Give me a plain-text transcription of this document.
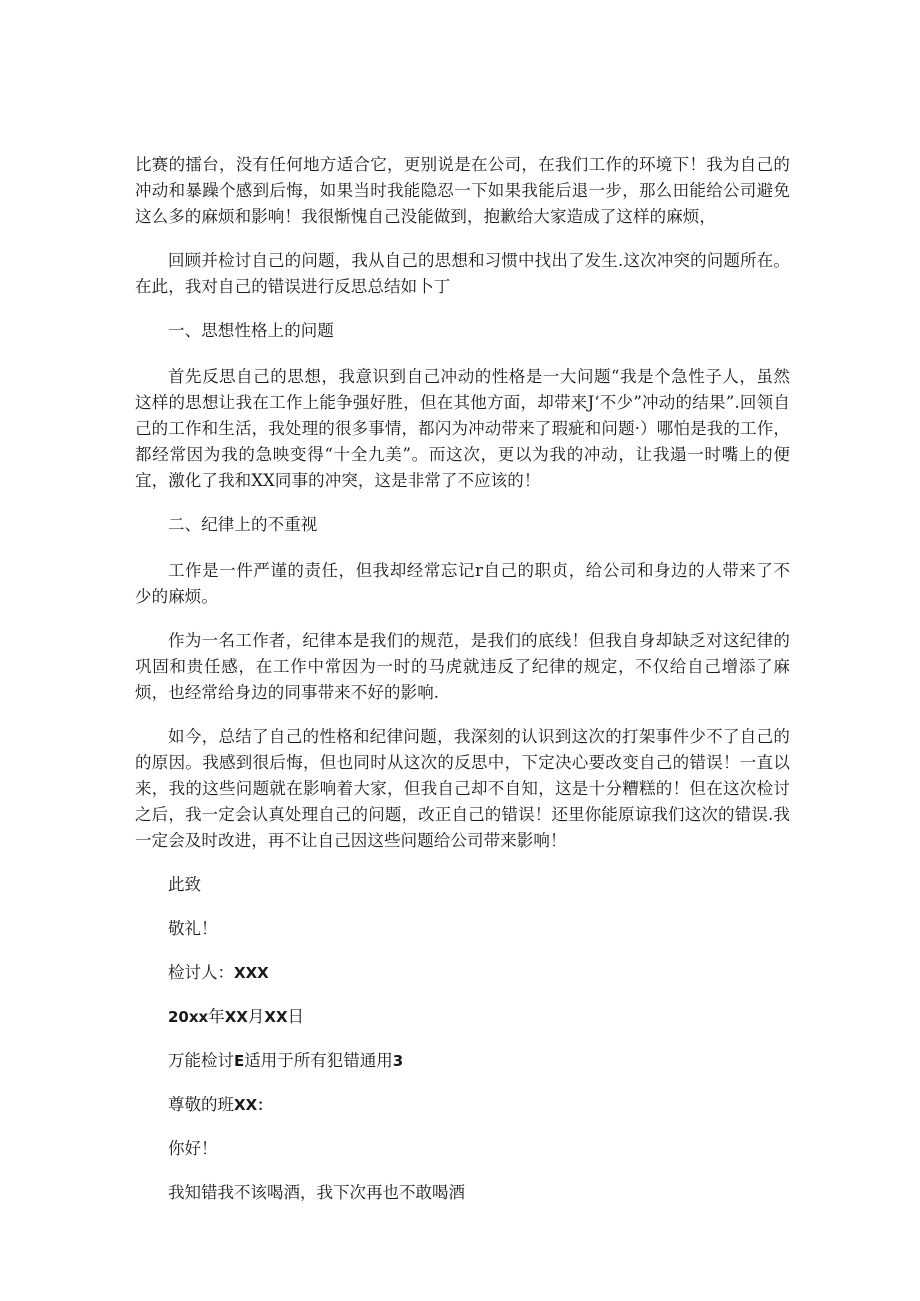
比赛的擂台，没有任何地方适合它，更别说是在公司，在我们工作的环境下！我为自己的冲动和暴躁个感到后悔，如果当时我能隐忍一下如果我能后退一步，那么田能给公司避免这么多的麻烦和影响！我很惭愧自己没能做到，抱歉给大家造成了这样的麻烦，

回顾并检讨自己的问题，我从自己的思想和习惯中找出了发生.这次冲突的问题所在。在此，我对自己的错误进行反思总结如卜丁

一、思想性格上的问题

首先反思自己的思想，我意识到自己冲动的性格是一大问题“我是个急性子人，虽然这样的思想让我在工作上能争强好胜，但在其他方面，却带来J‘不少”冲动的结果”.回领自己的工作和生活，我处理的很多事情，都闪为冲动带来了瑕疵和问题·）哪怕是我的工作，都经常因为我的急映变得“十全九美”。而这次，更以为我的冲动，让我遢一时嘴上的便宜，激化了我和XX同事的冲突，这是非常了不应该的！

二、纪律上的不重视

工作是一件严谨的责任，但我却经常忘记r自己的职贞，给公司和身边的人带来了不少的麻烦。

作为一名工作者，纪律本是我们的规范，是我们的底线！但我自身却缺乏对这纪律的巩固和贵任感，在工作中常因为一时的马虎就违反了纪律的规定，不仅给自己增添了麻烦，也经常给身边的同事带来不好的影响.

如今，总结了自己的性格和纪律问题，我深刻的认识到这次的打架事件少不了自己的的原因。我感到很后悔，但也同时从这次的反思中，下定决心要改变自己的错误！一直以来，我的这些问题就在影响着大家，但我自己却不自知，这是十分糟糕的！但在这次检讨之后，我一定会认真处理自己的问题，改正自己的错误！还里你能原谅我们这次的错误.我一定会及时改进，再不让自己因这些问题给公司带来影响！

此致

敬礼！

检讨人：XXX

20xx年XX月XX日

万能检讨E适用于所有犯错通用3

尊敬的班XX：

你好！

我知错我不该喝酒，我下次再也不敢喝酒
